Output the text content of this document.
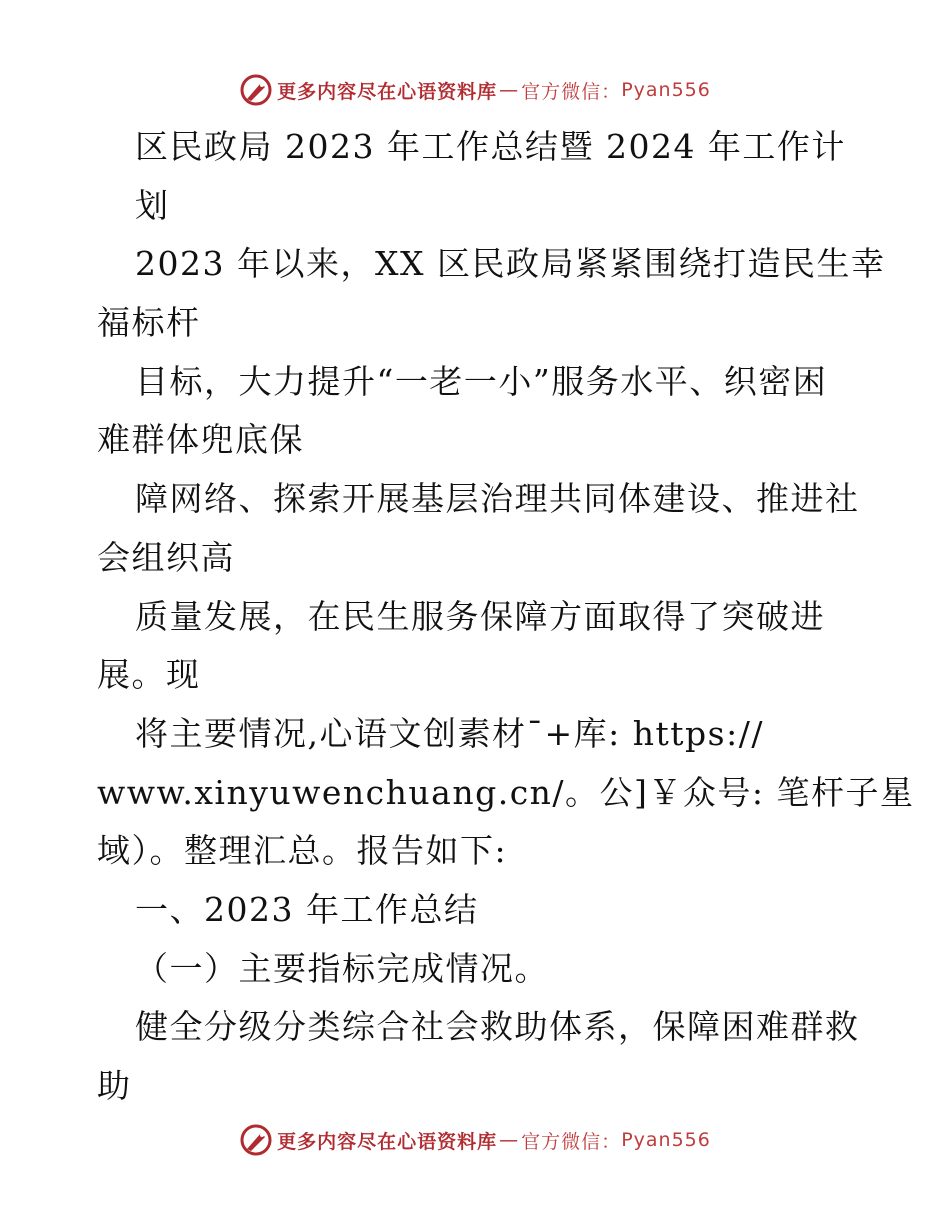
更多内容尽在心语资料库 — 官方微信： Pyan556
区民政局 2023 年工作总结暨 2024 年工作计
划
2023 年以来，XX 区民政局紧紧围绕打造民生幸
福标杆
目标，大力提升“一老一小”服务水平、织密困
难群体兜底保
障网络、探索开展基层治理共同体建设、推进社
会组织高
质量发展，在民生服务保障方面取得了突破进
展。现
将主要情况,心语文创素材¯+库: https://
www.xinyuwenchuang.cn/。公]￥众号: 笔杆子星
域）。整理汇总。报告如下:
一、2023 年工作总结
（一）主要指标完成情况。
健全分级分类综合社会救助体系，保障困难群救
助
更多内容尽在心语资料库 — 官方微信： Pyan556
